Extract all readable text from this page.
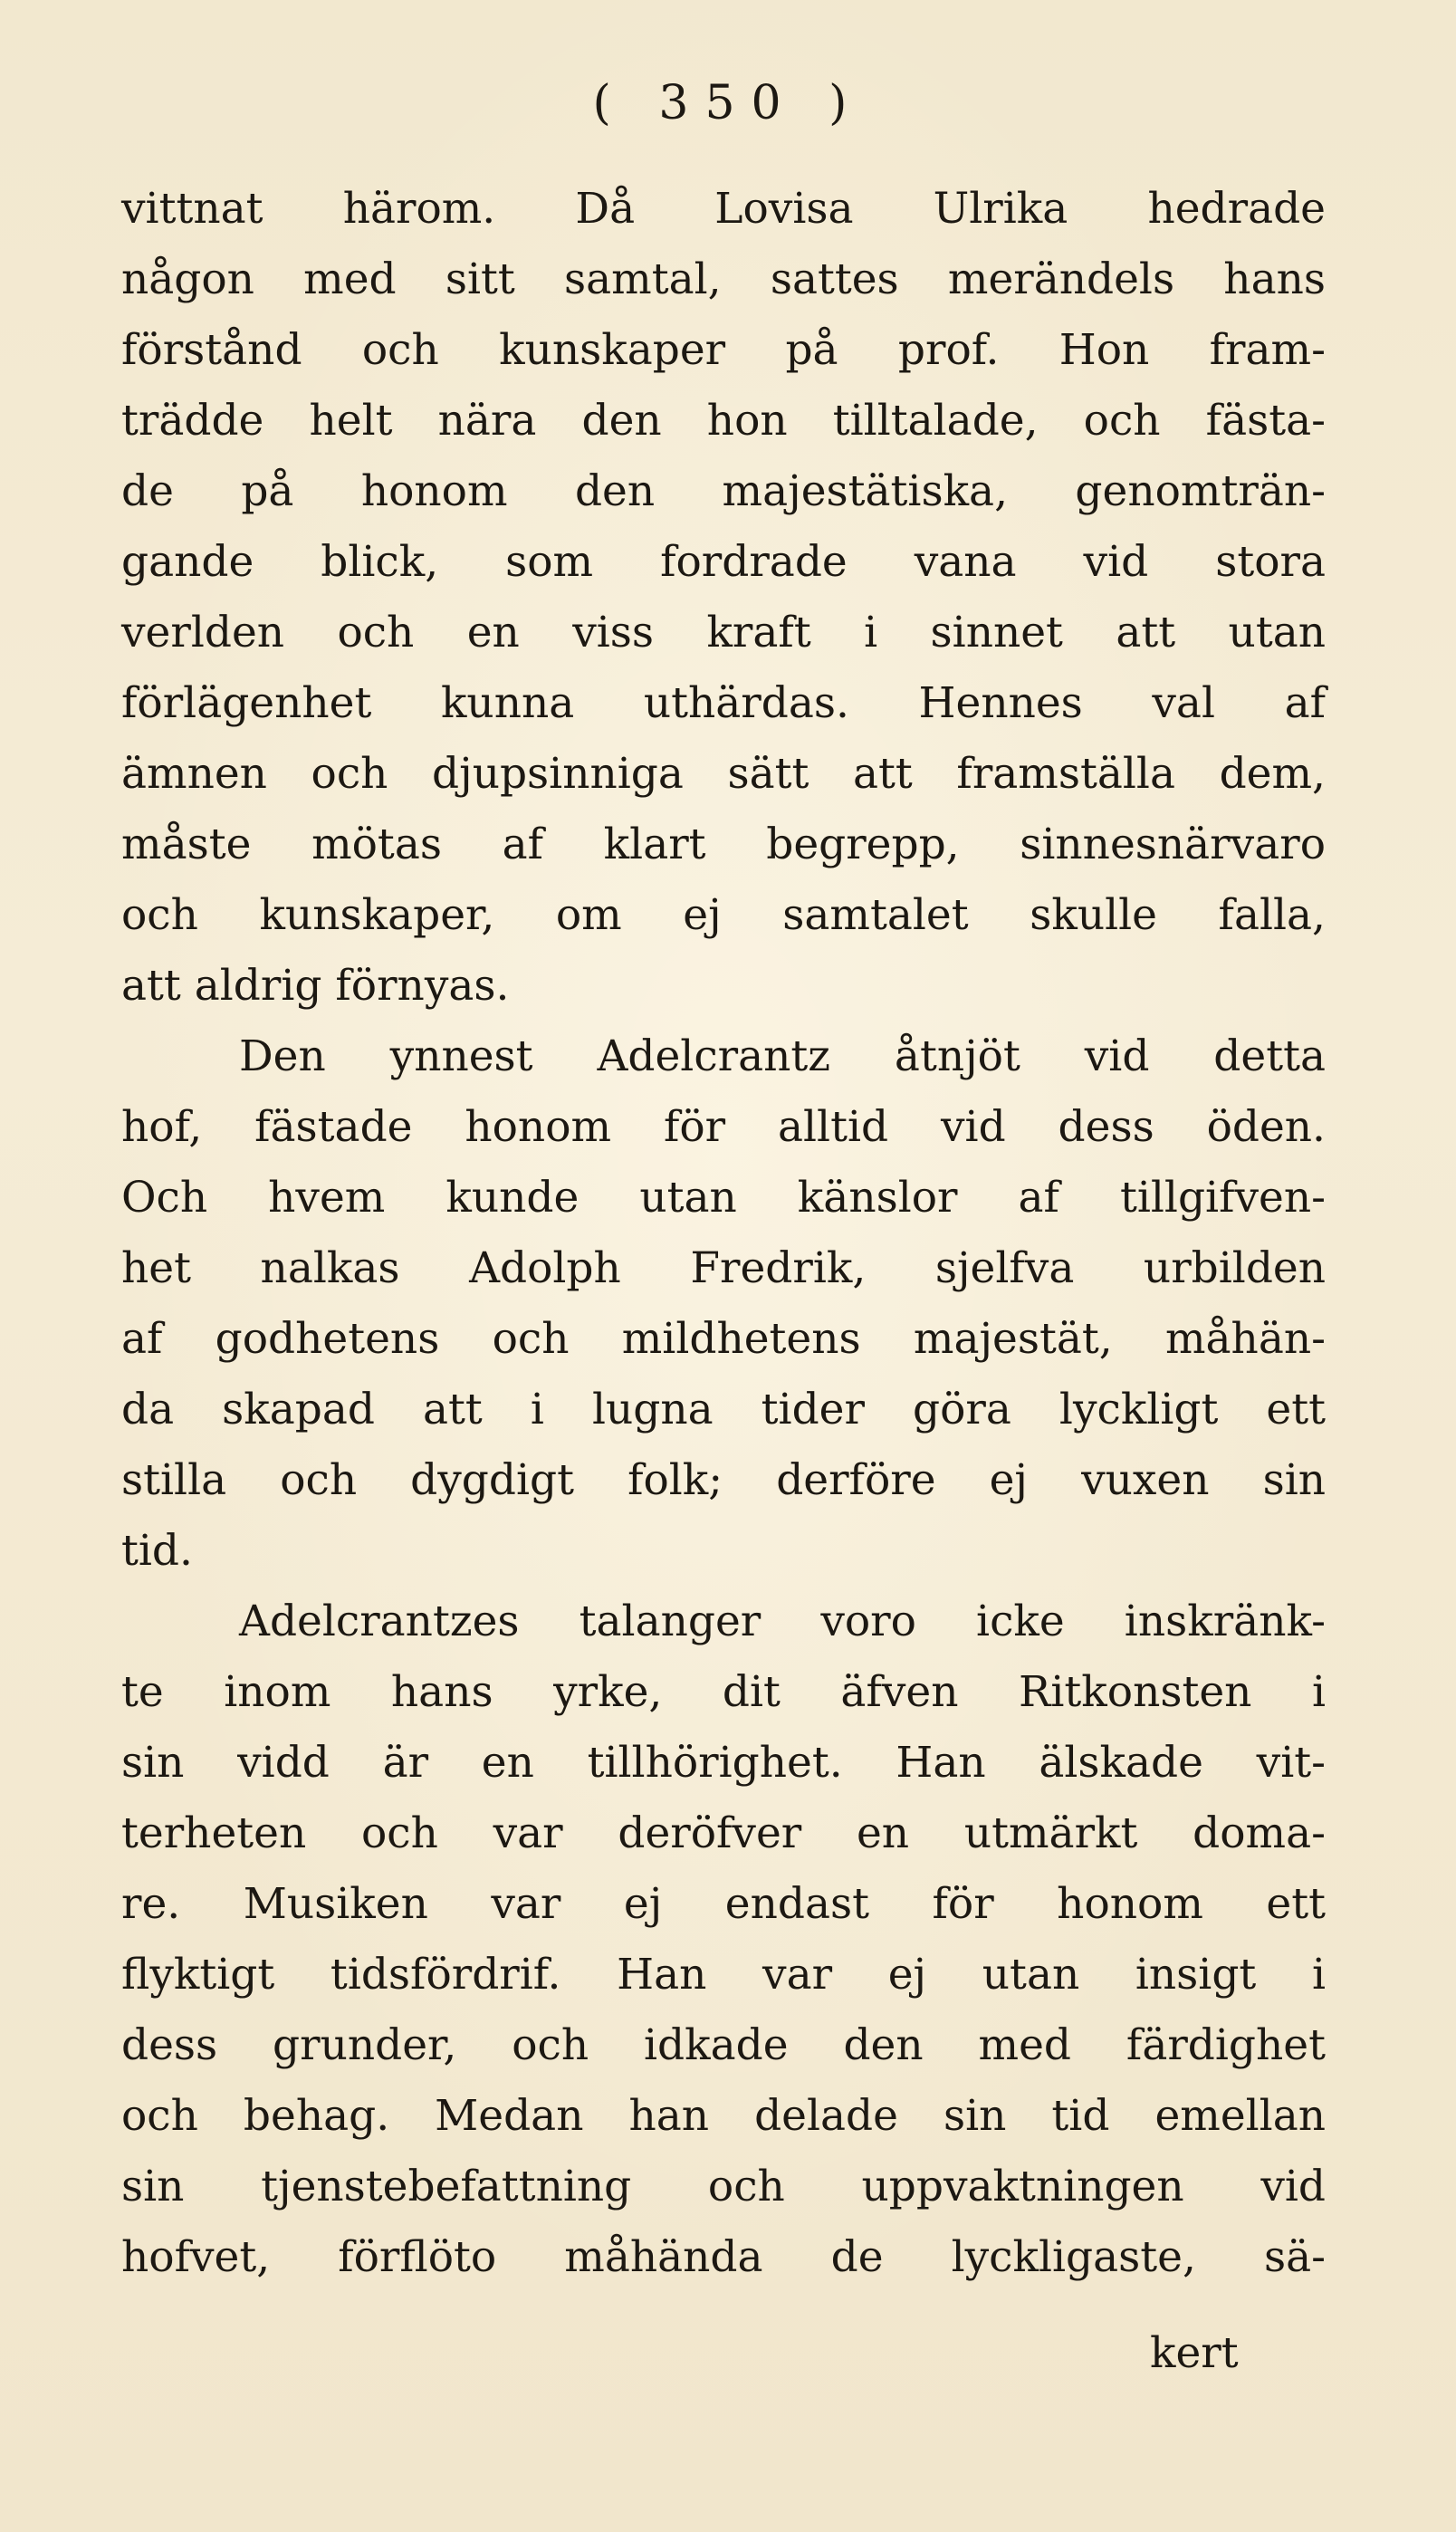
( 350 )
vittnat härom. Då Lovisa Ulrika hedrade
någon med sitt samtal, sattes merändels hans
förstånd och kunskaper på prof. Hon fram-
trädde helt nära den hon tilltalade, och fästa-
de på honom den majestätiska, genomträn-
gande blick, som fordrade vana vid stora
verlden och en viss kraft i sinnet att utan
förlägenhet kunna uthärdas. Hennes val af
ämnen och djupsinniga sätt att framställa dem,
måste mötas af klart begrepp, sinnesnärvaro
och kunskaper, om ej samtalet skulle falla,
att aldrig förnyas.
Den ynnest Adelcrantz åtnjöt vid detta
hof, fästade honom för alltid vid dess öden.
Och hvem kunde utan känslor af tillgifven-
het nalkas Adolph Fredrik, sjelfva urbilden
af godhetens och mildhetens majestät, måhän-
da skapad att i lugna tider göra lyckligt ett
stilla och dygdigt folk; derföre ej vuxen sin
tid.
Adelcrantzes talanger voro icke inskränk-
te inom hans yrke, dit äfven Ritkonsten i
sin vidd är en tillhörighet. Han älskade vit-
terheten och var deröfver en utmärkt doma-
re. Musiken var ej endast för honom ett
flyktigt tidsfördrif. Han var ej utan insigt i
dess grunder, och idkade den med färdighet
och behag. Medan han delade sin tid emellan
sin tjenstebefattning och uppvaktningen vid
hofvet, förflöto måhända de lyckligaste, sä-
kert
